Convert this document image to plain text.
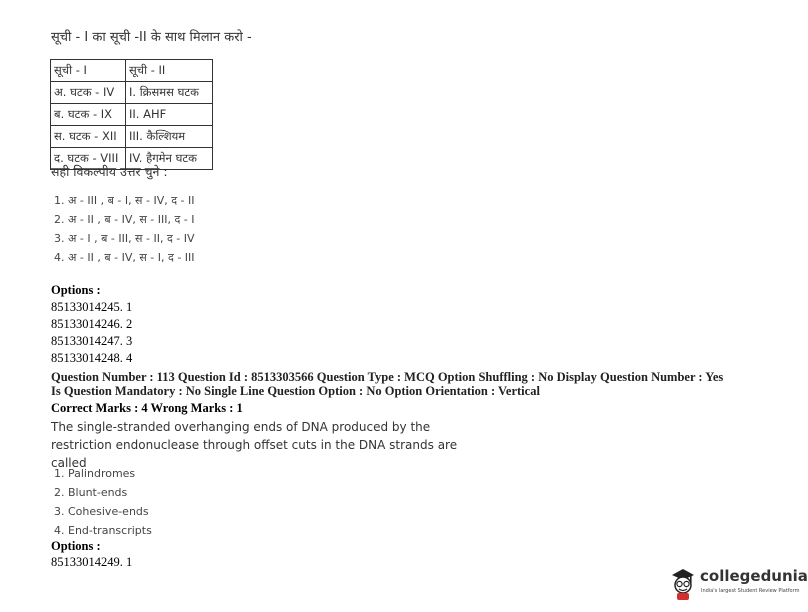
सूची - I का सूची -II के साथ मिलान करो -
सूची - I	सूची - II
अ. घटक - IV	I. क्रिसमस घटक
ब. घटक - IX	II. AHF
स. घटक - XII	III. कैल्शियम
द. घटक - VIII	IV. हैगमेन घटक
सही विकल्पीय उत्तर चुने :
1. अ - III , ब - I, स - IV, द - II
2. अ - II , ब - IV, स - III, द - I
3. अ - I , ब - III, स - II, द - IV
4. अ - II , ब - IV, स - I, द - III
Options :
85133014245. 1
85133014246. 2
85133014247. 3
85133014248. 4
Question Number : 113 Question Id : 8513303566 Question Type : MCQ Option Shuffling : No Display Question Number : Yes Is Question Mandatory : No Single Line Question Option : No Option Orientation : Vertical
Correct Marks : 4 Wrong Marks : 1
The single-stranded overhanging ends of DNA produced by the restriction endonuclease through offset cuts in the DNA strands are called
1. Palindromes
2. Blunt-ends
3. Cohesive-ends
4. End-transcripts
Options :
85133014249. 1
collegedunia
India's largest Student Review Platform
